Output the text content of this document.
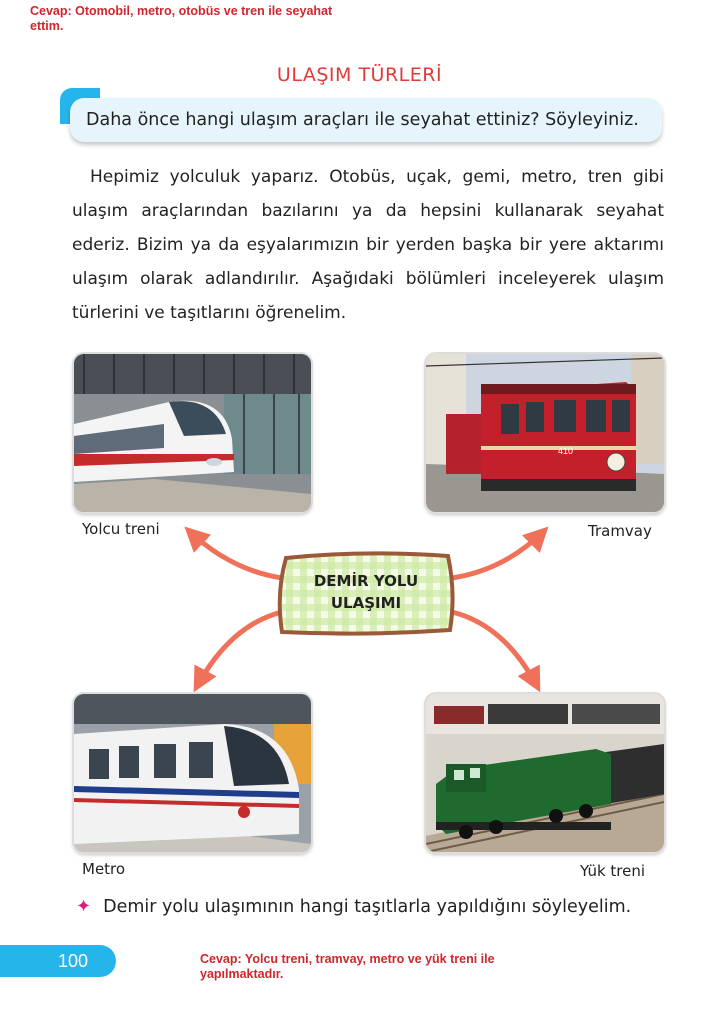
Cevap: Otomobil, metro, otobüs ve tren ile seyahat ettim.
ULAŞIM TÜRLERİ
Daha önce hangi ulaşım araçları ile seyahat ettiniz? Söyleyiniz.
Hepimiz yolculuk yaparız. Otobüs, uçak, gemi, metro, tren gibi ulaşım araçlarından bazılarını ya da hepsini kullanarak seyahat ederiz. Bizim ya da eşyalarımızın bir yerden başka bir yere aktarımı ulaşım olarak adlandırılır. Aşağıdaki bölümleri inceleyerek ulaşım türlerini ve taşıtlarını öğrenelim.
Yolcu treni
410
Tramvay
DEMİR YOLU
ULAŞIMI
Metro	Yük treni
✦ Demir yolu ulaşımının hangi taşıtlarla yapıldığını söyleyelim.
100	Cevap: Yolcu treni, tramvay, metro ve yük treni ile yapılmaktadır.
